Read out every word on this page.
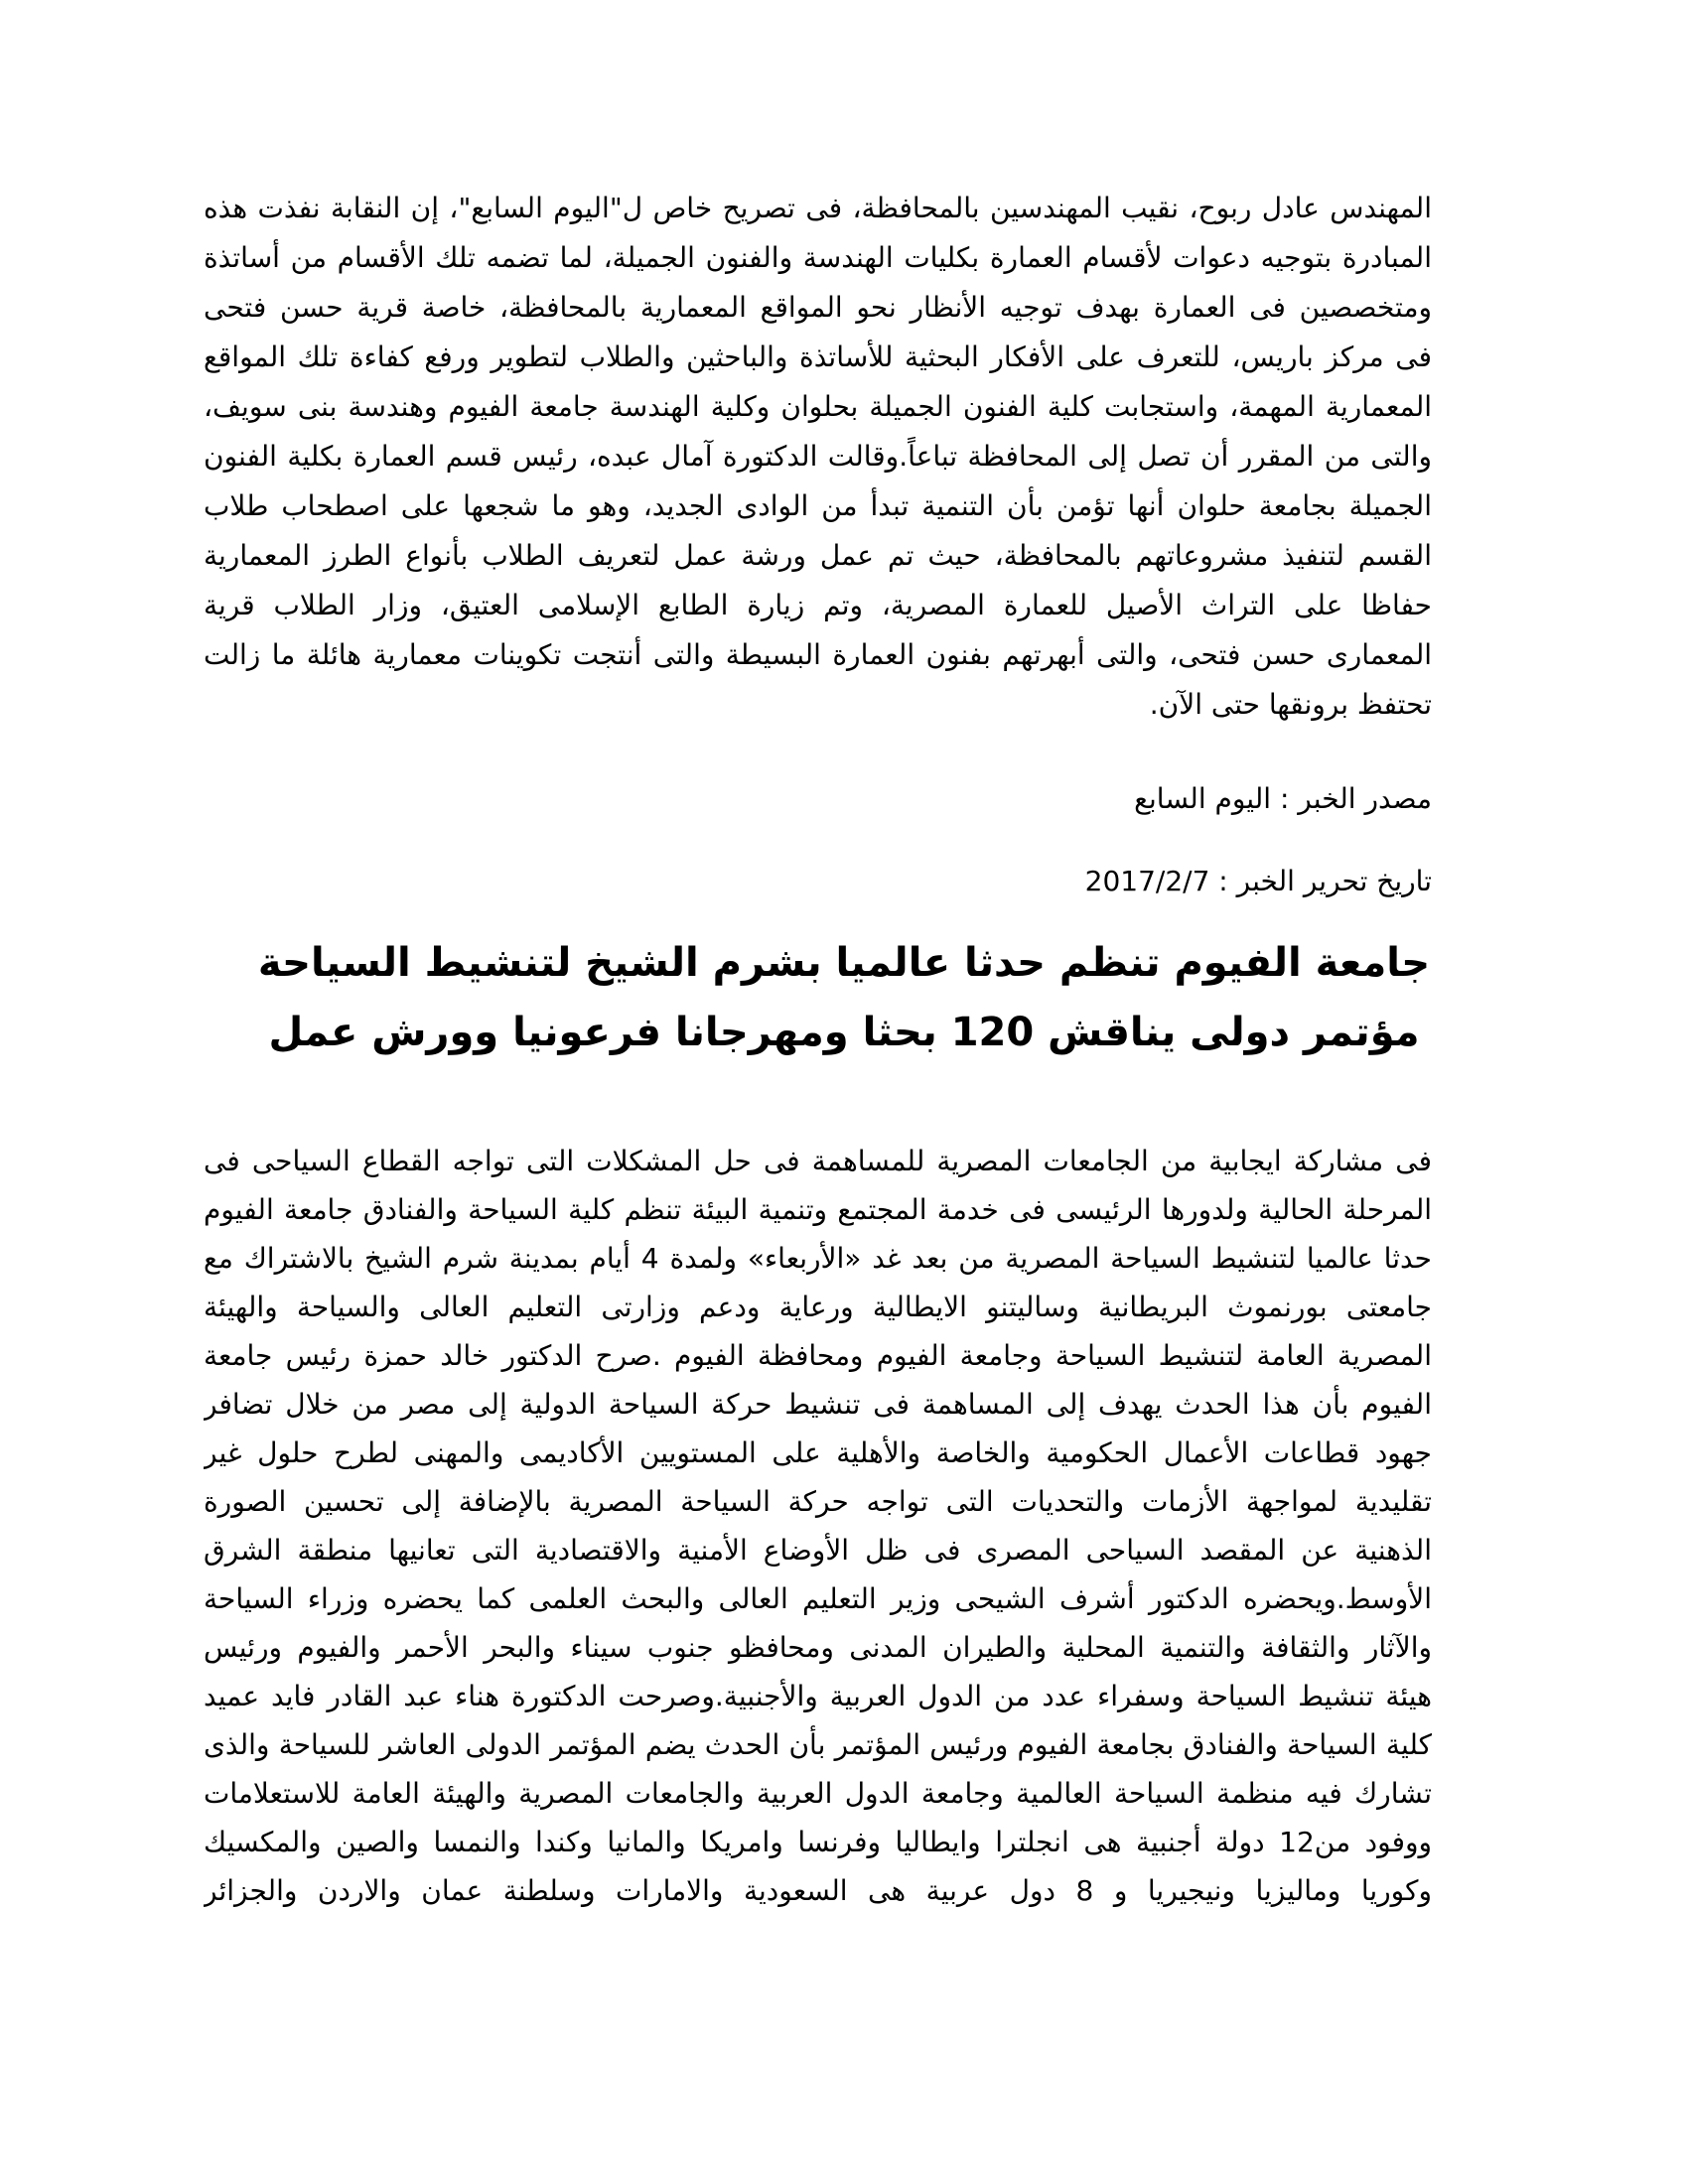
المهندس عادل ربوح، نقيب المهندسين بالمحافظة، فى تصريح خاص ل"اليوم السابع"، إن النقابة نفذت هذه
المبادرة بتوجيه دعوات لأقسام العمارة بكليات الهندسة والفنون الجميلة، لما تضمه تلك الأقسام من أساتذة
ومتخصصين فى العمارة بهدف توجيه الأنظار نحو المواقع المعمارية بالمحافظة، خاصة قرية حسن فتحى
فى مركز باريس، للتعرف على الأفكار البحثية للأساتذة والباحثين والطلاب لتطوير ورفع كفاءة تلك المواقع
المعمارية المهمة، واستجابت كلية الفنون الجميلة بحلوان وكلية الهندسة جامعة الفيوم وهندسة بنى سويف،
والتى من المقرر أن تصل إلى المحافظة تباعاً.وقالت الدكتورة آمال عبده، رئيس قسم العمارة بكلية الفنون
الجميلة بجامعة حلوان أنها تؤمن بأن التنمية تبدأ من الوادى الجديد، وهو ما شجعها على اصطحاب طلاب
القسم لتنفيذ مشروعاتهم بالمحافظة، حيث تم عمل ورشة عمل لتعريف الطلاب بأنواع الطرز المعمارية
حفاظا على التراث الأصيل للعمارة المصرية، وتم زيارة الطابع الإسلامى العتيق، وزار الطلاب قرية
المعمارى حسن فتحى، والتى أبهرتهم بفنون العمارة البسيطة والتى أنتجت تكوينات معمارية هائلة ما زالت
تحتفظ برونقها حتى الآن.
مصدر الخبر : اليوم السابع
تاريخ تحرير الخبر : 2017/2/7
جامعة الفيوم تنظم حدثا عالميا بشرم الشيخ لتنشيط السياحة
مؤتمر دولى يناقش 120 بحثا ومهرجانا فرعونيا وورش عمل
فى مشاركة ايجابية من الجامعات المصرية للمساهمة فى حل المشكلات التى تواجه القطاع السياحى فى
المرحلة الحالية ولدورها الرئيسى فى خدمة المجتمع وتنمية البيئة تنظم كلية السياحة والفنادق جامعة الفيوم
حدثا عالميا لتنشيط السياحة المصرية من بعد غد «الأربعاء» ولمدة 4 أيام بمدينة شرم الشيخ بالاشتراك مع
جامعتى بورنموث البريطانية وساليتنو الايطالية ورعاية ودعم وزارتى التعليم العالى والسياحة والهيئة
المصرية العامة لتنشيط السياحة وجامعة الفيوم ومحافظة الفيوم .صرح الدكتور خالد حمزة رئيس جامعة
الفيوم بأن هذا الحدث يهدف إلى المساهمة فى تنشيط حركة السياحة الدولية إلى مصر من خلال تضافر
جهود قطاعات الأعمال الحكومية والخاصة والأهلية على المستويين الأكاديمى والمهنى لطرح حلول غير
تقليدية لمواجهة الأزمات والتحديات التى تواجه حركة السياحة المصرية بالإضافة إلى تحسين الصورة
الذهنية عن المقصد السياحى المصرى فى ظل الأوضاع الأمنية والاقتصادية التى تعانيها منطقة الشرق
الأوسط.ويحضره الدكتور أشرف الشيحى وزير التعليم العالى والبحث العلمى كما يحضره وزراء السياحة
والآثار والثقافة والتنمية المحلية والطيران المدنى ومحافظو جنوب سيناء والبحر الأحمر والفيوم ورئيس
هيئة تنشيط السياحة وسفراء عدد من الدول العربية والأجنبية.وصرحت الدكتورة هناء عبد القادر فايد عميد
كلية السياحة والفنادق بجامعة الفيوم ورئيس المؤتمر بأن الحدث يضم المؤتمر الدولى العاشر للسياحة والذى
تشارك فيه منظمة السياحة العالمية وجامعة الدول العربية والجامعات المصرية والهيئة العامة للاستعلامات
ووفود من12 دولة أجنبية هى انجلترا وايطاليا وفرنسا وامريكا والمانيا وكندا والنمسا والصين والمكسيك
وكوريا وماليزيا ونيجيريا و 8 دول عربية هى السعودية والامارات وسلطنة عمان والاردن والجزائر
